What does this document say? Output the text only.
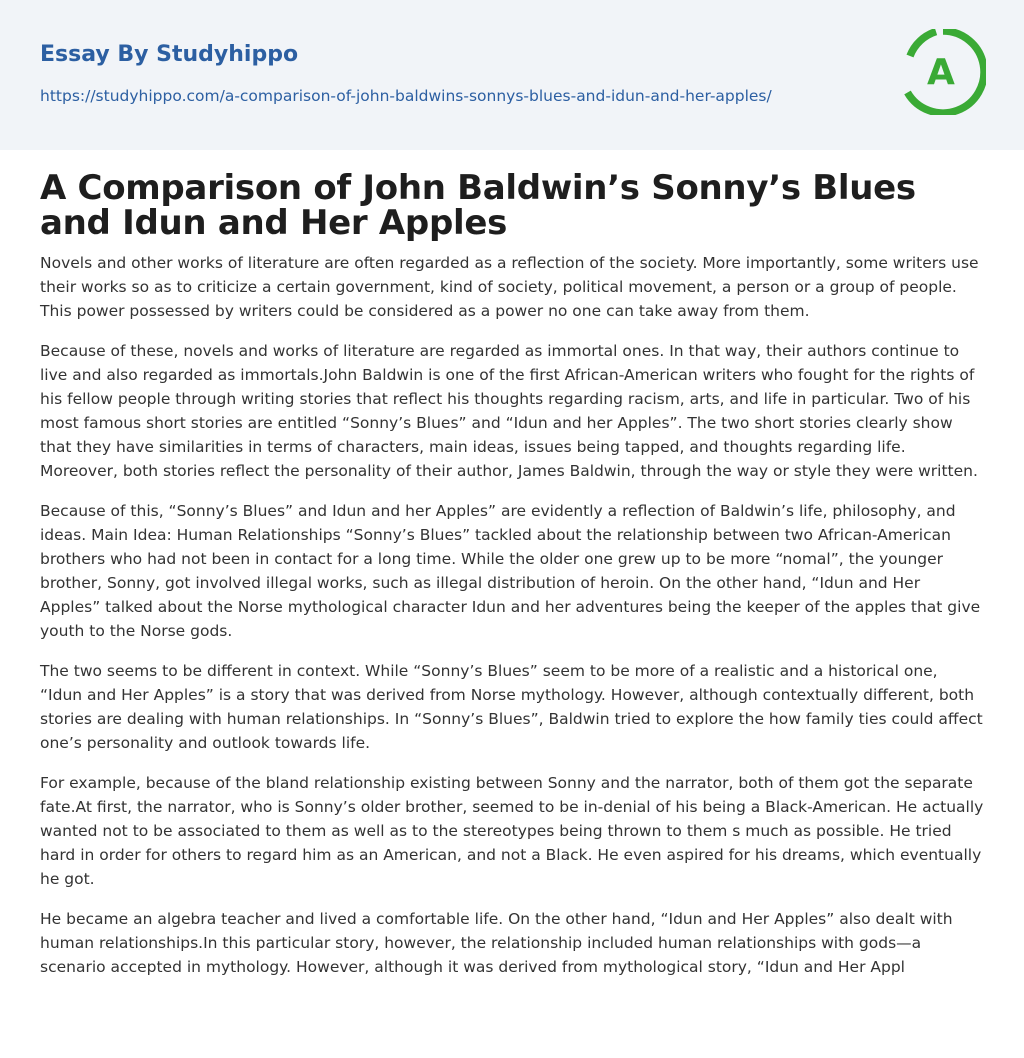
Essay By Studyhippo
https://studyhippo.com/a-comparison-of-john-baldwins-sonnys-blues-and-idun-and-her-apples/
A
A Comparison of John Baldwin’s Sonny’s Blues and Idun and Her Apples

Novels and other works of literature are often regarded as a reflection of the society. More importantly, some writers use their works so as to criticize a certain government, kind of society, political movement, a person or a group of people. This power possessed by writers could be considered as a power no one can take away from them.

Because of these, novels and works of literature are regarded as immortal ones. In that way, their authors continue to live and also regarded as immortals.John Baldwin is one of the first African-American writers who fought for the rights of his fellow people through writing stories that reflect his thoughts regarding racism, arts, and life in particular. Two of his most famous short stories are entitled “Sonny’s Blues” and “Idun and her Apples”. The two short stories clearly show that they have similarities in terms of characters, main ideas, issues being tapped, and thoughts regarding life. Moreover, both stories reflect the personality of their author, James Baldwin, through the way or style they were written.

Because of this, “Sonny’s Blues” and Idun and her Apples” are evidently a reflection of Baldwin’s life, philosophy, and ideas. Main Idea: Human Relationships “Sonny’s Blues” tackled about the relationship between two African-American brothers who had not been in contact for a long time. While the older one grew up to be more “nomal”, the younger brother, Sonny, got involved illegal works, such as illegal distribution of heroin. On the other hand, “Idun and Her Apples” talked about the Norse mythological character Idun and her adventures being the keeper of the apples that give youth to the Norse gods.

The two seems to be different in context. While “Sonny’s Blues” seem to be more of a realistic and a historical one, “Idun and Her Apples” is a story that was derived from Norse mythology. However, although contextually different, both stories are dealing with human relationships. In “Sonny’s Blues”, Baldwin tried to explore the how family ties could affect one’s personality and outlook towards life.

For example, because of the bland relationship existing between Sonny and the narrator, both of them got the separate fate.At first, the narrator, who is Sonny’s older brother, seemed to be in-denial of his being a Black-American. He actually wanted not to be associated to them as well as to the stereotypes being thrown to them s much as possible. He tried hard in order for others to regard him as an American, and not a Black. He even aspired for his dreams, which eventually he got.

He became an algebra teacher and lived a comfortable life. On the other hand, “Idun and Her Apples” also dealt with human relationships.In this particular story, however, the relationship included human relationships with gods—a scenario accepted in mythology. However, although it was derived from mythological story, “Idun and Her Appl
